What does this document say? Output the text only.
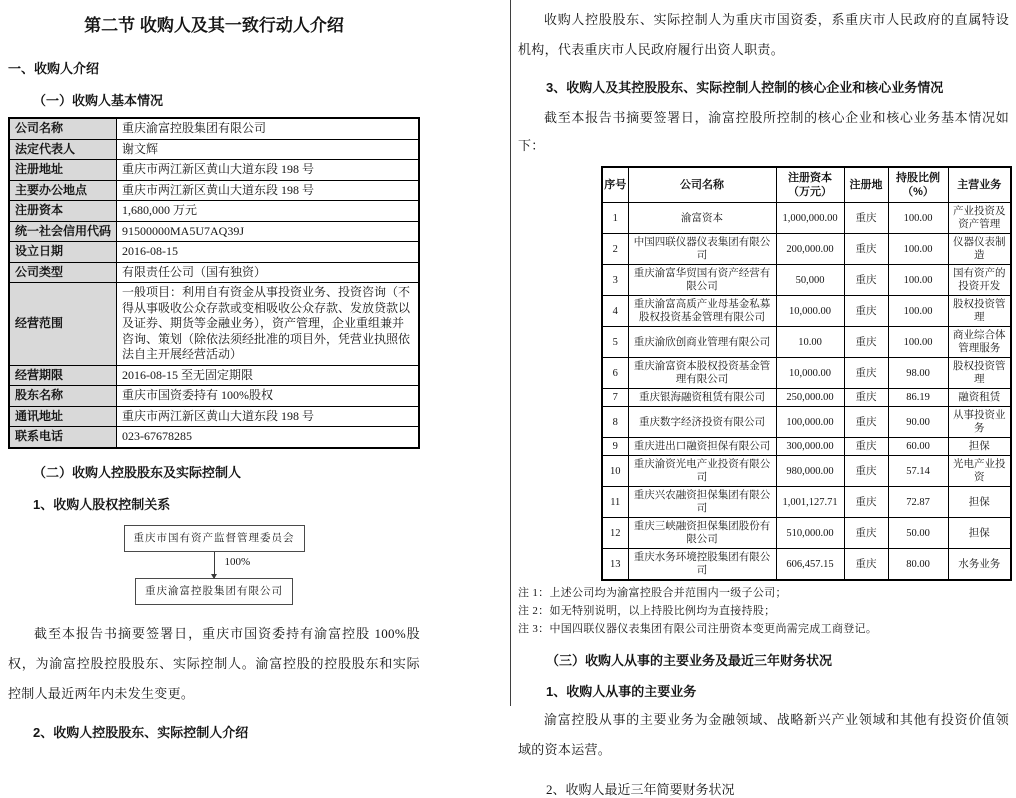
第二节 收购人及其一致行动人介绍
一、收购人介绍
（一）收购人基本情况
公司名称	重庆渝富控股集团有限公司
法定代表人	谢文辉
注册地址	重庆市两江新区黄山大道东段 198 号
主要办公地点	重庆市两江新区黄山大道东段 198 号
注册资本	1,680,000 万元
统一社会信用代码	91500000MA5U7AQ39J
设立日期	2016-08-15
公司类型	有限责任公司（国有独资）
经营范围	一般项目：利用自有资金从事投资业务、投资咨询（不得从事吸收公众存款或变相吸收公众存款、发放贷款以及证券、期货等金融业务），资产管理，企业重组兼并咨询、策划（除依法须经批准的项目外，凭营业执照依法自主开展经营活动）
经营期限	2016-08-15 至无固定期限
股东名称	重庆市国资委持有 100%股权
通讯地址	重庆市两江新区黄山大道东段 198 号
联系电话	023-67678285
（二）收购人控股股东及实际控制人
1、收购人股权控制关系
重庆市国有资产监督管理委员会
100%
重庆渝富控股集团有限公司
截至本报告书摘要签署日，重庆市国资委持有渝富控股 100%股权，为渝富控股控股股东、实际控制人。渝富控股的控股股东和实际控制人最近两年内未发生变更。
2、收购人控股股东、实际控制人介绍
收购人控股股东、实际控制人为重庆市国资委，系重庆市人民政府的直属特设机构，代表重庆市人民政府履行出资人职责。
3、收购人及其控股股东、实际控制人控制的核心企业和核心业务情况
截至本报告书摘要签署日，渝富控股所控制的核心企业和核心业务基本情况如下：
序号	公司名称	注册资本（万元）	注册地	持股比例（%）	主营业务
1	渝富资本	1,000,000.00	重庆	100.00	产业投资及资产管理
2	中国四联仪器仪表集团有限公司	200,000.00	重庆	100.00	仪器仪表制造
3	重庆渝富华贸国有资产经营有限公司	50,000	重庆	100.00	国有资产的投资开发
4	重庆渝富高质产业母基金私募股权投资基金管理有限公司	10,000.00	重庆	100.00	股权投资管理
5	重庆渝欣创商业管理有限公司	10.00	重庆	100.00	商业综合体管理服务
6	重庆渝富资本股权投资基金管理有限公司	10,000.00	重庆	98.00	股权投资管理
7	重庆银海融资租赁有限公司	250,000.00	重庆	86.19	融资租赁
8	重庆数字经济投资有限公司	100,000.00	重庆	90.00	从事投资业务
9	重庆进出口融资担保有限公司	300,000.00	重庆	60.00	担保
10	重庆渝资光电产业投资有限公司	980,000.00	重庆	57.14	光电产业投资
11	重庆兴农融资担保集团有限公司	1,001,127.71	重庆	72.87	担保
12	重庆三峡融资担保集团股份有限公司	510,000.00	重庆	50.00	担保
13	重庆水务环境控股集团有限公司	606,457.15	重庆	80.00	水务业务
注 1：上述公司均为渝富控股合并范围内一级子公司；
注 2：如无特别说明，以上持股比例均为直接持股；
注 3：中国四联仪器仪表集团有限公司注册资本变更尚需完成工商登记。
（三）收购人从事的主要业务及最近三年财务状况
1、收购人从事的主要业务
渝富控股从事的主要业务为金融领域、战略新兴产业领域和其他有投资价值领域的资本运营。
2、收购人最近三年简要财务状况
